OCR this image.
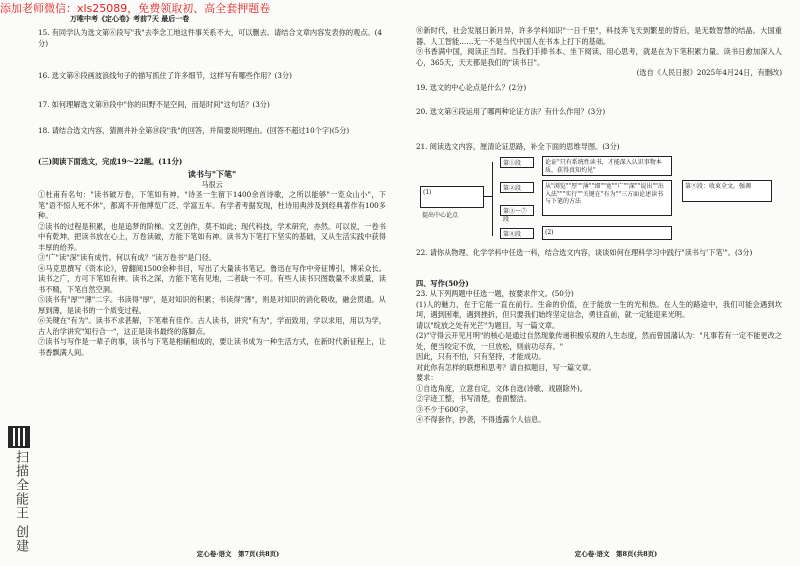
添加老师微信：xls25089，免费领取初、高全套押题卷
扫描全能王 创建
万唯中考《定心卷》考前7天 最后一卷
15. 有同学认为选文第⑥段写"我"去李念工地这件事关系不大，可以删去。请结合文章内容发表你的观点。(4分)
16. 选文第⑧段画波浪线句子的描写抓住了许多细节，这样写有哪些作用？(3分)
17. 如何理解选文第⑩段中"你的田野不是空间，而是时间"这句话？(3分)
18. 请结合选文内容，猜测并补全第⑩段"我"的回答，并简要说明理由。(回答不超过10个字)(5分)
(三)阅读下面选文，完成19～22题。(11分)
读书与"下笔"
马很云
①杜甫有名句："读书破万卷，下笔如有神。"诗圣一生留下1400余首诗歌，之所以能够"一览众山小"，下笔"语不惊人死不休"，都离不开他博览广泛、学富五车。有学者考据发现，杜诗用典涉及到经典著作有100多种。
②读书的过程是积累，也是追梦的阶梯。文艺创作，莫不如此；现代科技，学术研究，亦然。可以说，一卷书中有乾坤，把读书放在心上，万卷读破，方能下笔如有神。读书为下笔打下坚实的基础，又从生活实践中获得丰厚的给养。
③"广"读"深"读有成竹。何以有成？"读万卷书"是门径。
④马克思撰写《资本论》，曾翻阅1500余种书目，写出了大量读书笔记。鲁迅在写作中旁征博引，博采众长。读书之广，方可下笔如有神。读书之深，方能下笔有见地，二者缺一不可。有些人读书只图数量不求质量，读书不精，下笔自然空洞。
⑤读书有"厚""薄"二字。书读得"厚"，是对知识的积累；书读得"薄"，则是对知识的消化吸收，融会贯通。从厚到薄，是读书的一个质变过程。
⑥关键在"有为"。读书不求甚解，下笔难有佳作。古人读书，讲究"有为"，学而致用，学以求用，用以为学，古人治学讲究"知行合一"，这正是读书最终的落脚点。
⑦读书与写作是一辈子的事，读书与下笔是相辅相成的，要让读书成为一种生活方式，在新时代新征程上，让书香飘满人间。
定心卷·语文　第7页(共8页)
⑧新时代，社会发展日新月异，许多学科知识"一日千里"，科技奔飞天到繁星的背后，是无数智慧的结晶。大国重器、人工智能……无一不是当代中国人在书本上打下的基础。
⑨书香满中国，阅读正当时。当我们手捧书本、坐下阅读、用心思考，就是在为下笔积累力量。读书日愈加深入人心，365天，天天都是我们的"读书日"。
(选自《人民日报》2025年4月24日，有删改)
19. 选文的中心论点是什么？(2分)
20. 选文第④段运用了哪两种论证方法？有什么作用？(3分)
21. 阅读选文内容，厘清论证思路，补全下面的思维导图。(3分)
(1)
提出中心论点
第①段
第②段
第③～⑦段
第⑧段
论证"只有系统性读书，才能深入认识事物本质，获得真知灼见"
从"浏览""厚""薄""细""宽""广""深""说出""出入法"""实行""关键在"有为""三方面论述读书与下笔的方法
(2)
第⑨段：收束全文，强调
22. 请你从物理、化学学科中任选一科，结合选文内容，谈谈如何在理科学习中践行"读书与'下笔'"。(3分)
四、写作(50分)
23. 从下列两题中任选一题，按要求作文。(50分)
(1)人的魅力，在于它能一直在前行。生命的价值，在于能放一生的光和热。在人生的路途中，我们可能会遇到坎坷，遇到困难，遇到挫折，但只要我们始终坚定信念，勇往直前，就一定能迎来光明。
请以"绽放之处有光芒"为题目，写一篇文章。
(2)"守得云开见月明"的核心是通过自然现象传递积极乐观的人生态度，然而曾国藩认为："凡事若有一定不能更改之处，便当咬定不放，一旦放松，则前功尽弃。"
因此，只有不怕，只有坚持，才能成功。
对此你有怎样的联想和思考？请自拟题目，写一篇文章。
要求：
①自选角度，立意自定，文体自选(诗歌、戏剧除外)。
②字迹工整，书写清楚，卷面整洁。
③不少于600字。
④不得套作，抄袭，不得透露个人信息。
定心卷·语文　第8页(共8页)
